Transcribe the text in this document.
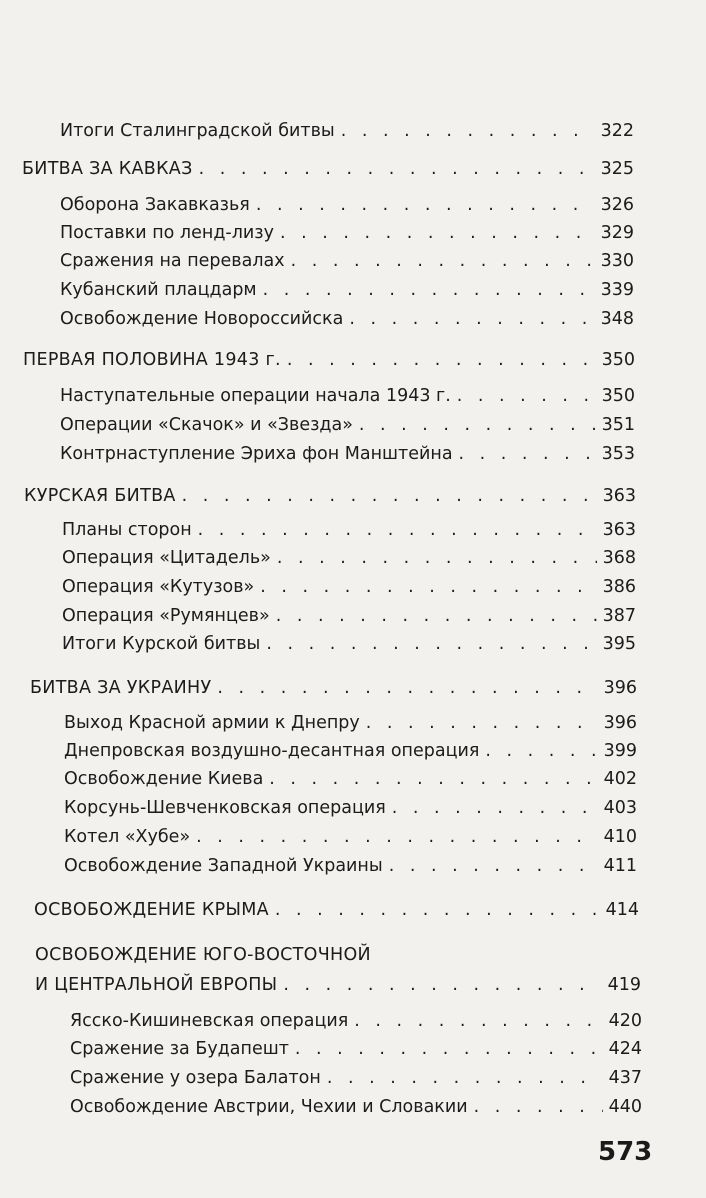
Итоги Сталинградской битвы . . .	322
БИТВА ЗА КАВКАЗ . . .	325
Оборона Закавказья . . .	326
Поставки по ленд-лизу . . .	329
Сражения на перевалах . . .	330
Кубанский плацдарм . . .	339
Освобождение Новороссийска . . .	348
ПЕРВАЯ ПОЛОВИНА 1943 г. . . .	350
Наступательные операции начала 1943 г. . . .	350
Операции «Скачок» и «Звезда» . . .	351
Контрнаступление Эриха фон Манштейна . . .	353
КУРСКАЯ БИТВА . . .	363
Планы сторон . . .	363
Операция «Цитадель» . . .	368
Операция «Кутузов» . . .	386
Операция «Румянцев» . . .	387
Итоги Курской битвы . . .	395
БИТВА ЗА УКРАИНУ . . .	396
Выход Красной армии к Днепру . . .	396
Днепровская воздушно-десантная операция . . .	399
Освобождение Киева . . .	402
Корсунь-Шевченковская операция . . .	403
Котел «Хубе» . . .	410
Освобождение Западной Украины . . .	411
ОСВОБОЖДЕНИЕ КРЫМА . . .	414
ОСВОБОЖДЕНИЕ ЮГО-ВОСТОЧНОЙ
И ЦЕНТРАЛЬНОЙ ЕВРОПЫ . . .	419
Ясско-Кишиневская операция . . .	420
Сражение за Будапешт . . .	424
Сражение у озера Балатон . . .	437
Освобождение Австрии, Чехии и Словакии . . .	440
573
